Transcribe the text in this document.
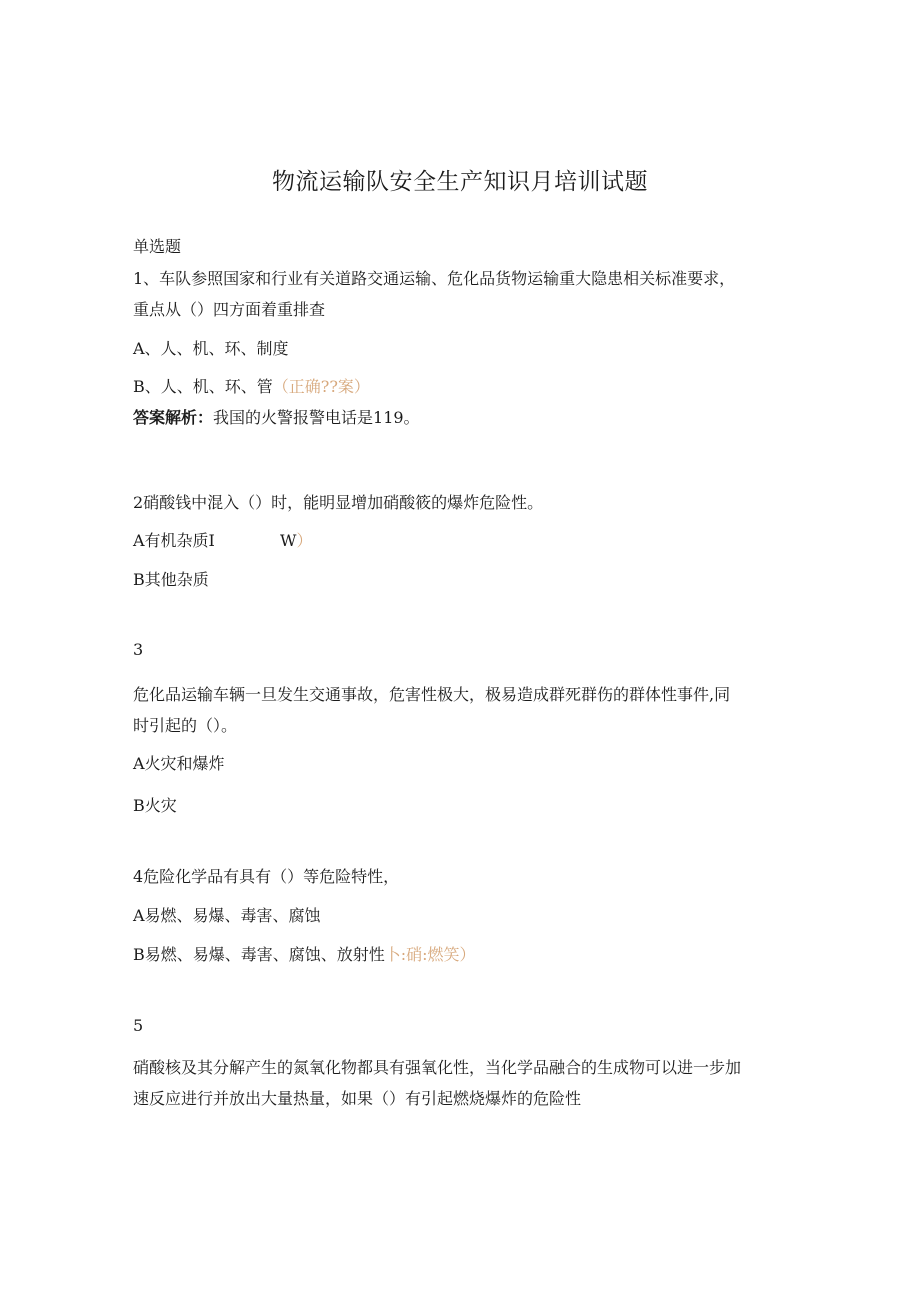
物流运输队安全生产知识月培训试题
单选题
1、车队参照国家和行业有关道路交通运输、危化品货物运输重大隐患相关标准要求，
重点从（）四方面着重排查
A、人、机、环、制度
B、人、机、环、管（正确??案）
答案解析：我国的火警报警电话是119。
2硝酸钱中混入（）时，能明显增加硝酸筱的爆炸危险性。
A有机杂质I	W）
B其他杂质
3
危化品运输车辆一旦发生交通事故，危害性极大，极易造成群死群伤的群体性事件,同
时引起的（）。
A火灾和爆炸
B火灾
4危险化学品有具有（）等危险特性，
A易燃、易爆、毒害、腐蚀
B易燃、易爆、毒害、腐蚀、放射性卜:硝:燃笑）
5
硝酸核及其分解产生的氮氧化物都具有强氧化性，当化学品融合的生成物可以进一步加
速反应进行并放出大量热量，如果（）有引起燃烧爆炸的危险性
